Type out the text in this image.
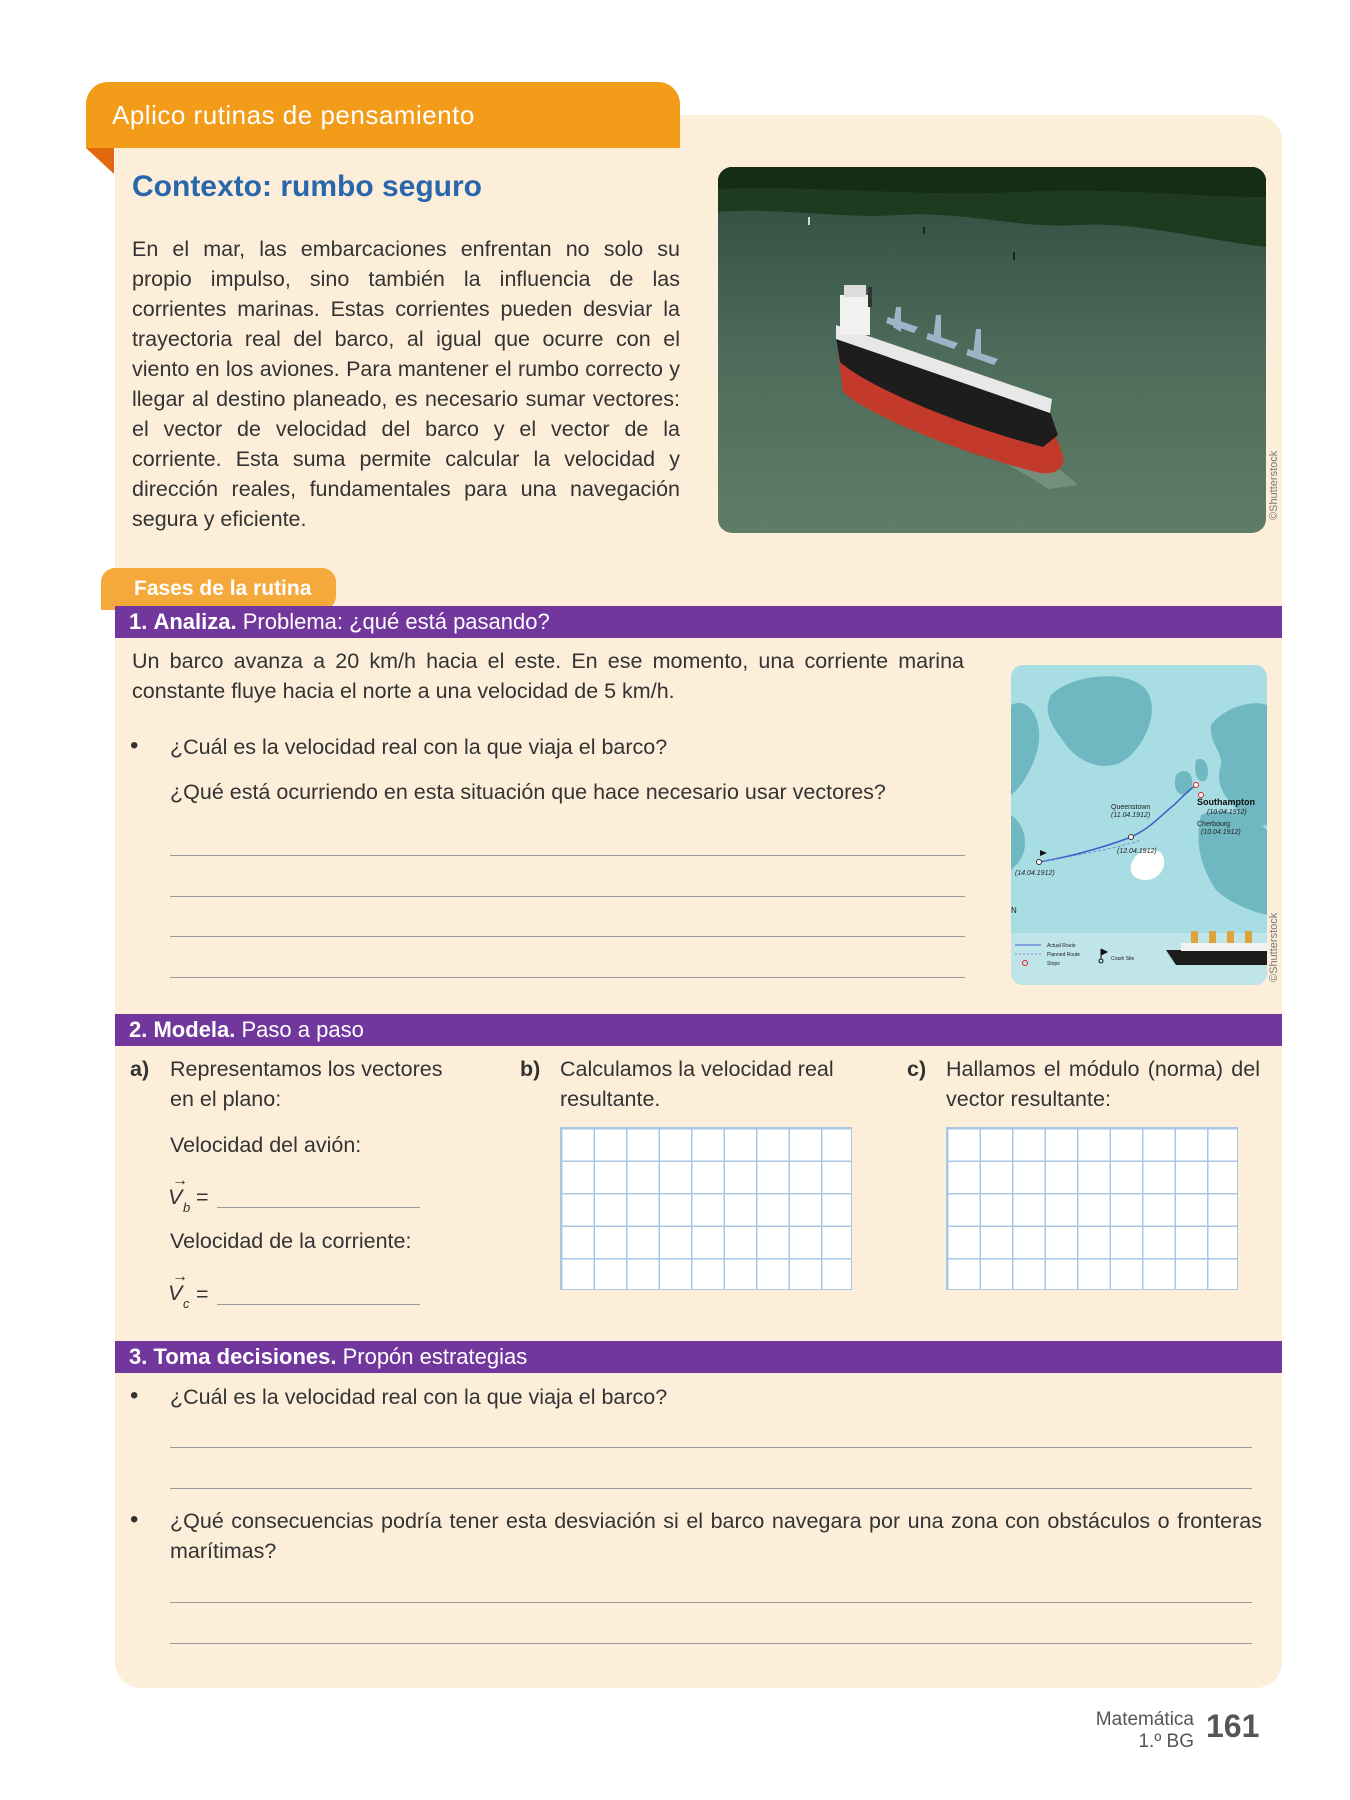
Aplico rutinas de pensamiento
Contexto: rumbo seguro
En el mar, las embarcaciones enfrentan no solo su propio impulso, sino también la influencia de las corrientes marinas. Estas corrientes pueden desviar la trayectoria real del barco, al igual que ocurre con el viento en los aviones. Para mantener el rumbo correcto y llegar al destino planeado, es necesario sumar vectores: el vector de velocidad del barco y el vector de la corriente. Esta suma permite calcular la velocidad y dirección reales, fundamentales para una navegación segura y eficiente.	©Shutterstock
Fases de la rutina
1. Analiza. Problema: ¿qué está pasando?
Un barco avanza a 20 km/h hacia el este. En ese momento, una corriente marina constante fluye hacia el norte a una velocidad de 5 km/h.
• ¿Cuál es la velocidad real con la que viaja el barco?
¿Qué está ocurriendo en esta situación que hace necesario usar vectores?
Queenstown
(11.04.1912)
Southampton
(10.04.1912)
Cherbourg
(10.04.1912)
(12.04.1912)
(14.04.1912)
N
Actual Route
Planned Route
Stops
Crash Site	©Shutterstock
2. Modela. Paso a paso
a) Representamos los vectores en el plano:
Velocidad del avión:
→
V b =
Velocidad de la corriente:
→
V c =
b) Calculamos la velocidad real resultante.
c) Hallamos el módulo (norma) del vector resultante:
3. Toma decisiones. Propón estrategias
• ¿Cuál es la velocidad real con la que viaja el barco?
• ¿Qué consecuencias podría tener esta desviación si el barco navegara por una zona con obstáculos o fronteras marítimas?
Matemática
1.º BG 161
